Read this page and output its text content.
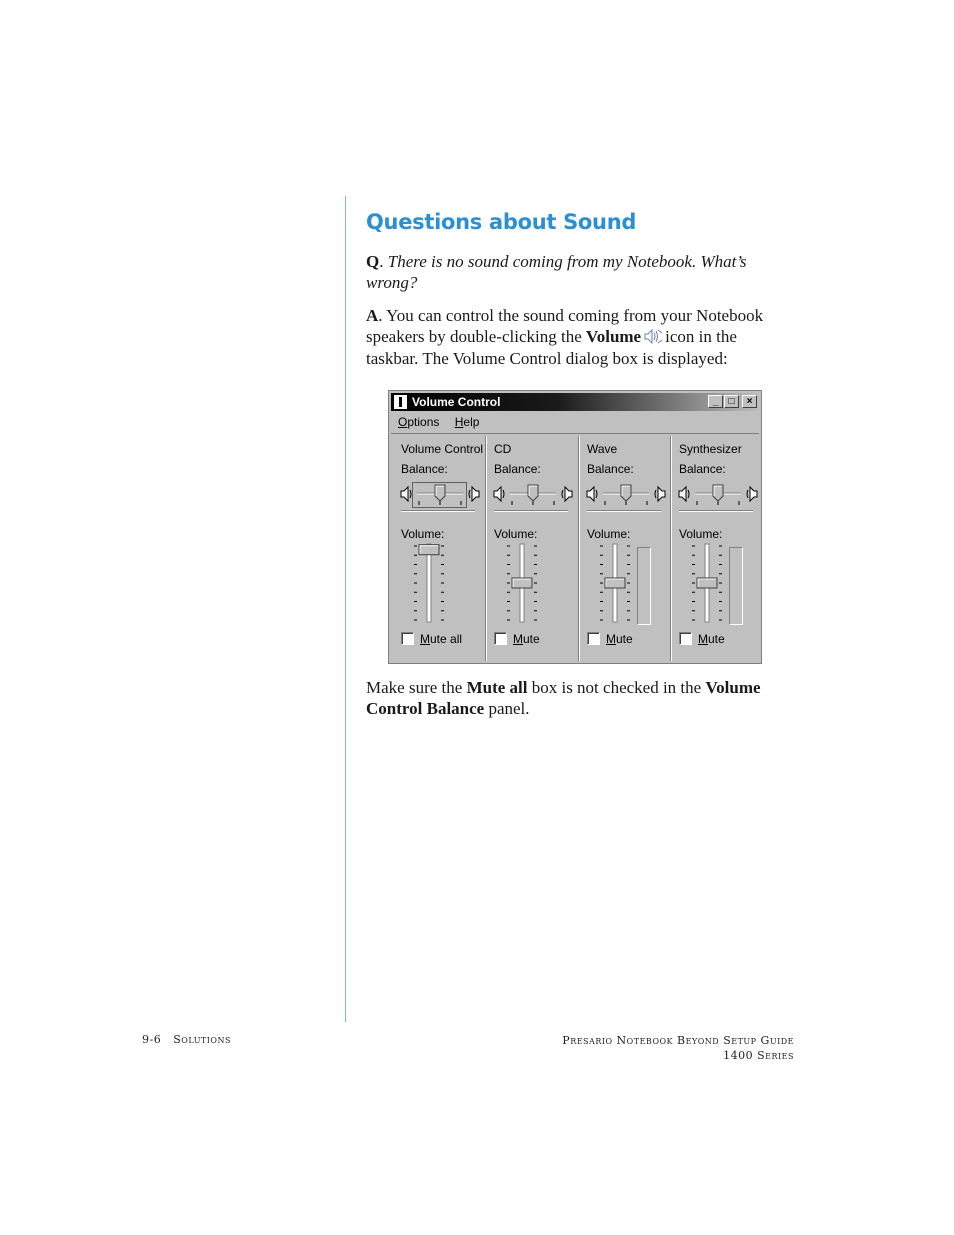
Questions about Sound

Q. There is no sound coming from my Notebook. What’s wrong?

A. You can control the sound coming from your Notebook speakers by double-clicking the Volume icon in the taskbar. The Volume Control dialog box is displayed:

Volume Control	_	□	×
Options Help
Volume Control
Balance:
Volume:
Mute all
CD
Balance:
Volume:
Mute
Wave
Balance:
Volume:
Mute
Synthesizer
Balance:
Volume:
Mute

Make sure the Mute all box is not checked in the Volume Control Balance panel.

9-6 Solutions	Presario Notebook Beyond Setup Guide
1400 Series
